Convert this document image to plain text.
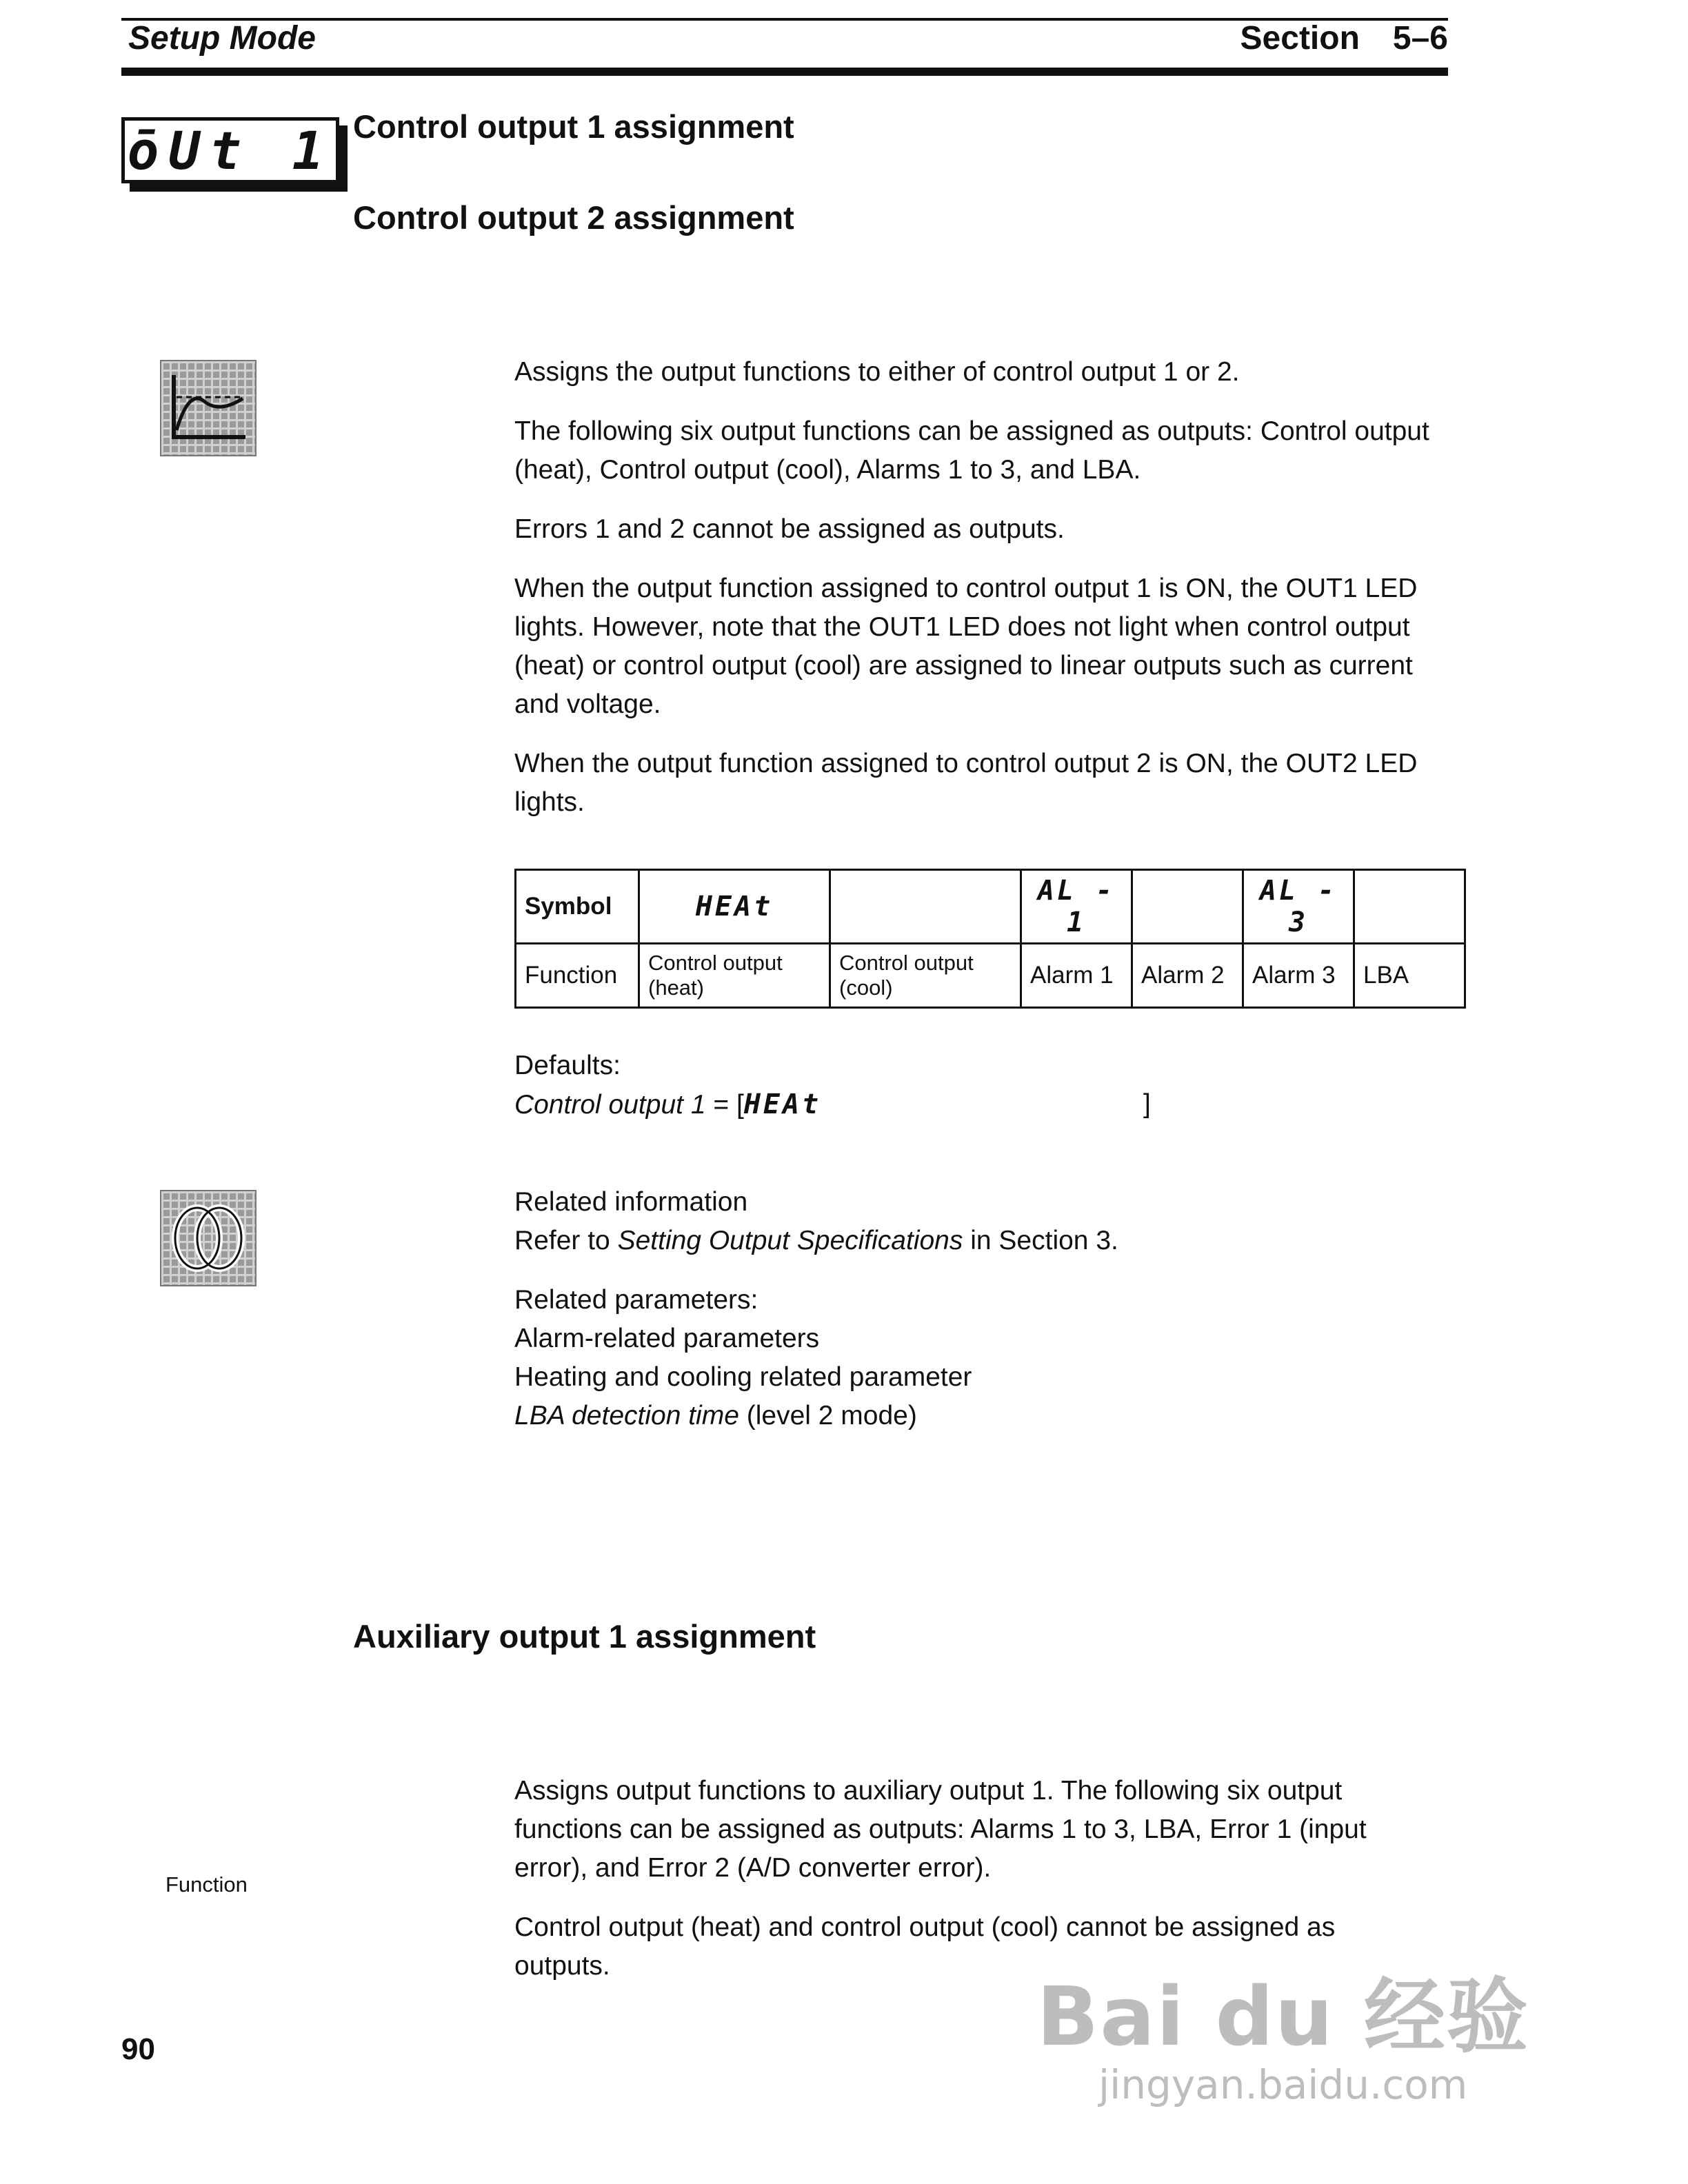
Setup Mode	Section 5–6
ōUt 1 Control output 1 assignment
Control output 2 assignment

Assigns the output functions to either of control output 1 or 2.

The following six output functions can be assigned as outputs: Control output (heat), Control output (cool), Alarms 1 to 3, and LBA.

Errors 1 and 2 cannot be assigned as outputs.

When the output function assigned to control output 1 is ON, the OUT1 LED lights. However, note that the OUT1 LED does not light when control output (heat) or control output (cool) are assigned to linear outputs such as current and voltage.

When the output function assigned to control output 2 is ON, the OUT2 LED lights.

Symbol	HEAt		AL - 1		AL - 3	
Function	Control output (heat)	Control output (cool)	Alarm 1	Alarm 2	Alarm 3	LBA
Defaults:
Control output 1 = [HEAt	]
Related information
Refer to Setting Output Specifications in Section 3.
Related parameters:
Alarm-related parameters
Heating and cooling related parameter
LBA detection time (level 2 mode)
Auxiliary output 1 assignment

Assigns output functions to auxiliary output 1. The following six output functions can be assigned as outputs: Alarms 1 to 3, LBA, Error 1 (input error), and Error 2 (A/D converter error).

Control output (heat) and control output (cool) cannot be assigned as outputs.

Function
90	Bai du 经验
jingyan.baidu.com
